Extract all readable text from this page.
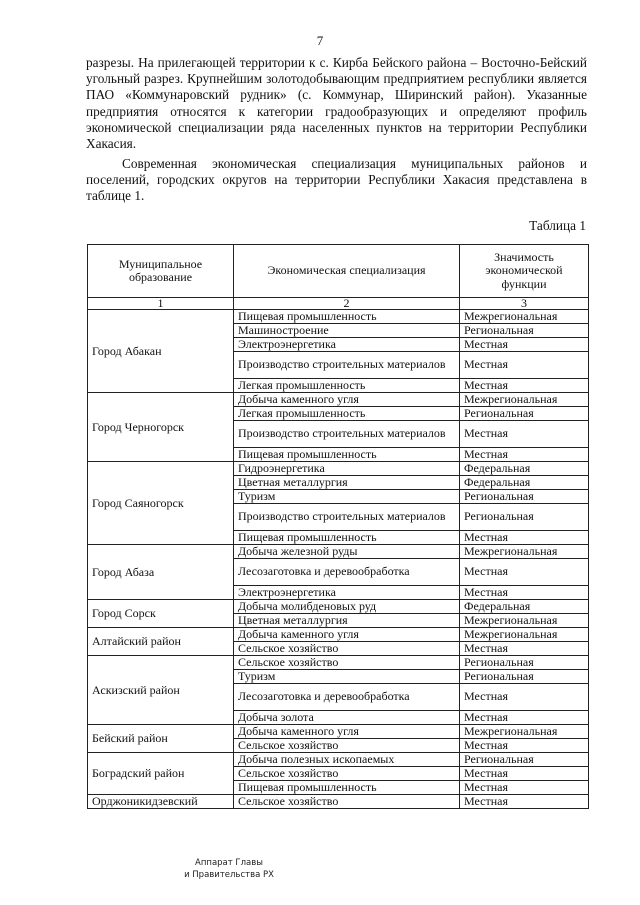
7
разрезы. На прилегающей территории к с. Кирба Бейского района – Восточно-Бейский угольный разрез. Крупнейшим золотодобывающим предприятием республики является ПАО «Коммунаровский рудник» (с. Коммунар, Ширинский район). Указанные предприятия относятся к категории градообразующих и определяют профиль экономической специализации ряда населенных пунктов на территории Республики Хакасия.
Современная экономическая специализация муниципальных районов и поселений, городских округов на территории Республики Хакасия представлена в таблице 1.
Таблица 1
Муниципальное образование	Экономическая специализация	Значимость экономической функции
1	2	3
Город Абакан	Пищевая промышленность	Межрегиональная
	Машиностроение	Региональная
	Электроэнергетика	Местная
	Производство строительных материалов	Местная
	Легкая промышленность	Местная
Город Черногорск	Добыча каменного угля	Межрегиональная
	Легкая промышленность	Региональная
	Производство строительных материалов	Местная
	Пищевая промышленность	Местная
Город Саяногорск	Гидроэнергетика	Федеральная
	Цветная металлургия	Федеральная
	Туризм	Региональная
	Производство строительных материалов	Региональная
	Пищевая промышленность	Местная
Город Абаза	Добыча железной руды	Межрегиональная
	Лесозаготовка и деревообработка	Местная
	Электроэнергетика	Местная
Город Сорск	Добыча молибденовых руд	Федеральная
	Цветная металлургия	Межрегиональная
Алтайский район	Добыча каменного угля	Межрегиональная
	Сельское хозяйство	Местная
Аскизский район	Сельское хозяйство	Региональная
	Туризм	Региональная
	Лесозаготовка и деревообработка	Местная
	Добыча золота	Местная
Бейский район	Добыча каменного угля	Межрегиональная
	Сельское хозяйство	Местная
Боградский район	Добыча полезных ископаемых	Региональная
	Сельское хозяйство	Местная
	Пищевая промышленность	Местная
Орджоникидзевский	Сельское хозяйство	Местная
Аппарат Главы
и Правительства РХ
